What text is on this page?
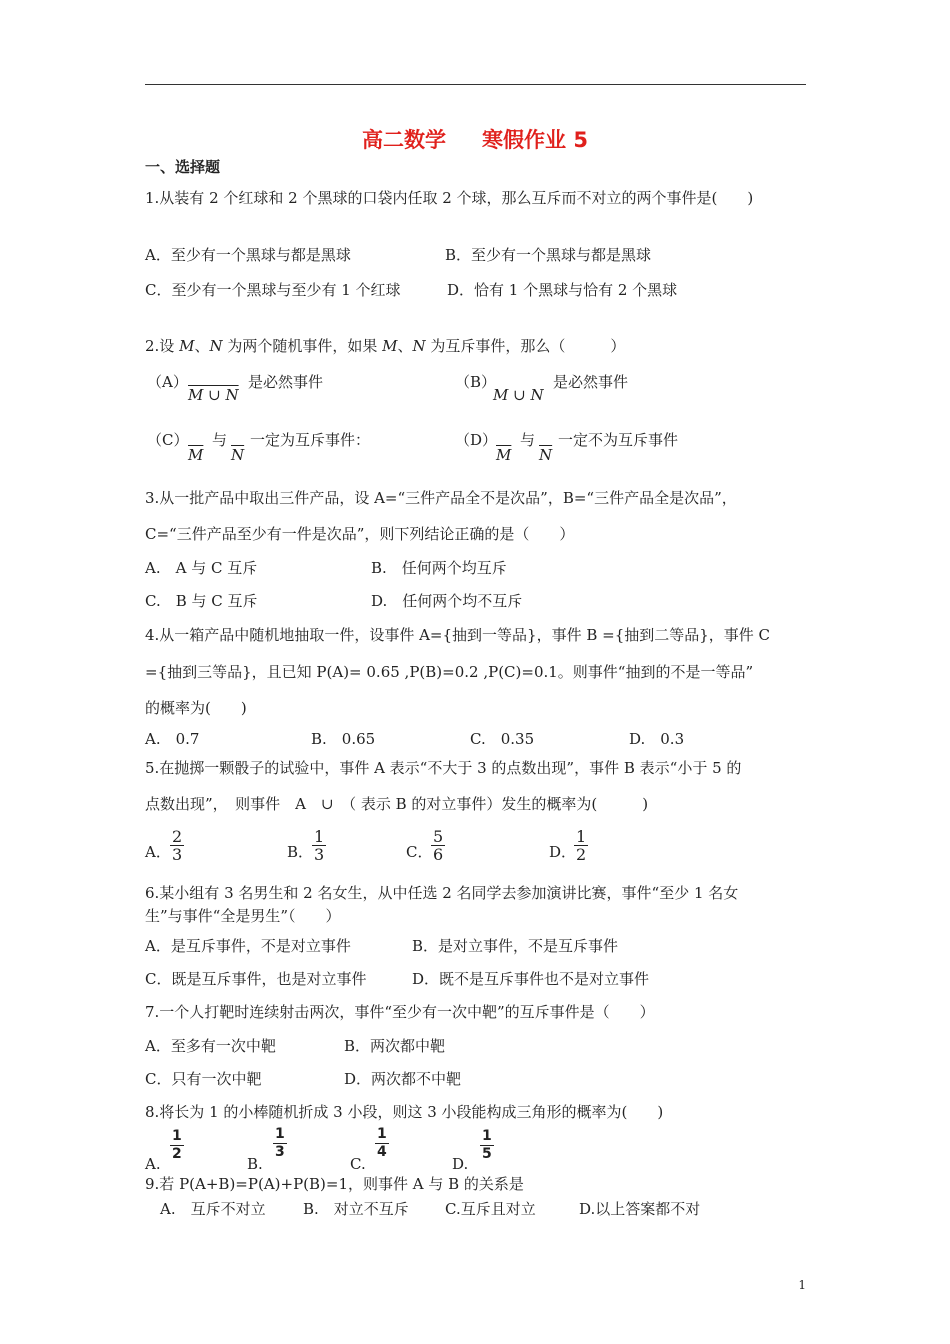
高二数学 寒假作业 5
一、选择题
1.从装有 2 个红球和 2 个黑球的口袋内任取 2 个球，那么互斥而不对立的两个事件是(　　)
A．至少有一个黑球与都是黑球	B．至少有一个黑球与都是黑球
C．至少有一个黑球与至少有 1 个红球	D．恰有 1 个黑球与恰有 2 个黑球
2.设 M、N 为两个随机事件，如果 M、N 为互斥事件，那么（　　　）
（A）
M ∪ N
是必然事件	（B）
M ∪ N
是必然事件
（C）
$\overline{M}$
与
$\overline{N}$
一定为互斥事件：	（D）
$\overline{M}$
与
$\overline{N}$
一定不为互斥事件
3.从一批产品中取出三件产品，设 A=“三件产品全不是次品”，B=“三件产品全是次品”，
C=“三件产品至少有一件是次品”，则下列结论正确的是（　　）
A.　A 与 C 互斥	B.　任何两个均互斥
C.　B 与 C 互斥	D.　任何两个均不互斥
4.从一箱产品中随机地抽取一件，设事件 A={抽到一等品}，事件 B ={抽到二等品}，事件 C
={抽到三等品}，且已知 P(A)= 0.65 ,P(B)=0.2 ,P(C)=0.1。则事件“抽到的不是一等品”
的概率为(　　)
A.　0.7	B.　0.65	C.　0.35	D.　0.3
5.在抛掷一颗骰子的试验中，事件 A 表示“不大于 3 的点数出现”，事件 B 表示“小于 5 的
点数出现”，　则事件　A　∪　（ 表示 B 的对立事件）发生的概率为(　　　)
A． $\frac{2}{3}$	B．
$\frac{1}{3}$	C．
$\frac{5}{6}$	D．
$\frac{1}{2}$
6.某小组有 3 名男生和 2 名女生，从中任选 2 名同学去参加演讲比赛，事件“至少 1 名女
生”与事件“全是男生”（　　）
A．是互斥事件，不是对立事件	B．是对立事件，不是互斥事件
C．既是互斥事件，也是对立事件	D．既不是互斥事件也不是对立事件
7.一个人打靶时连续射击两次，事件“至少有一次中靶”的互斥事件是（　　）
A．至多有一次中靶	B．两次都中靶
C．只有一次中靶	D．两次都不中靶
8.将长为 1 的小棒随机折成 3 小段，则这 3 小段能构成三角形的概率为(　　)
A.
$\frac{1}{2}$
B.
$\frac{1}{3}$
C.
$\frac{1}{4}$
D.
$\frac{1}{5}$
9.若 P(A+B)=P(A)+P(B)=1，则事件 A 与 B 的关系是
A.　互斥不对立 B.　对立不互斥 C.互斥且对立	D.以上答案都不对
1
